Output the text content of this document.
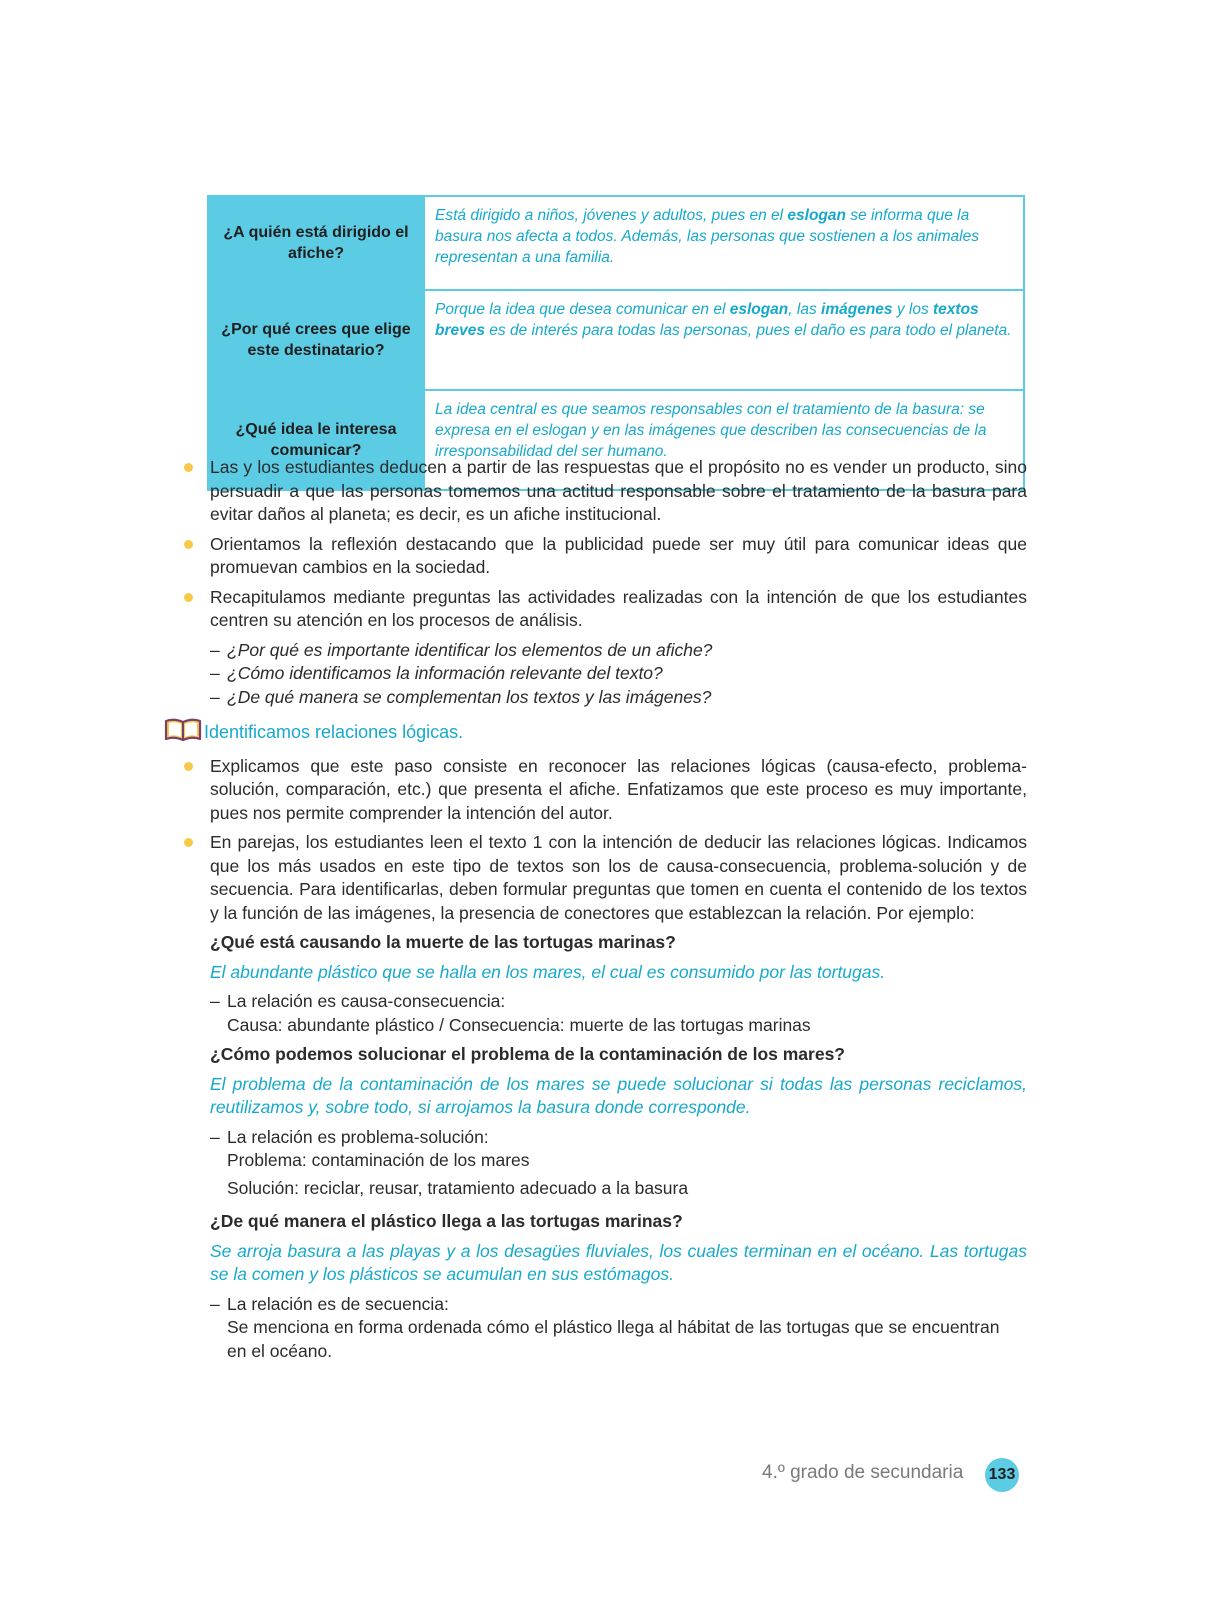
¿A quién está dirigido el afiche?	Está dirigido a niños, jóvenes y adultos, pues en el eslogan se informa que la basura nos afecta a todos. Además, las personas que sostienen a los animales representan a una familia.
¿Por qué crees que elige este destinatario?	Porque la idea que desea comunicar en el eslogan, las imágenes y los textos breves es de interés para todas las personas, pues el daño es para todo el planeta.
¿Qué idea le interesa comunicar?	La idea central es que seamos responsables con el tratamiento de la basura: se expresa en el eslogan y en las imágenes que describen las consecuencias de la irresponsabilidad del ser humano.
Las y los estudiantes deducen a partir de las respuestas que el propósito no es vender un producto, sino persuadir a que las personas tomemos una actitud responsable sobre el tratamiento de la basura para evitar daños al planeta; es decir, es un afiche institucional.
Orientamos la reflexión destacando que la publicidad puede ser muy útil para comunicar ideas que promuevan cambios en la sociedad.
Recapitulamos mediante preguntas las actividades realizadas con la intención de que los estudiantes centren su atención en los procesos de análisis.
– ¿Por qué es importante identificar los elementos de un afiche?
– ¿Cómo identificamos la información relevante del texto?
– ¿De qué manera se complementan los textos y las imágenes?
Identificamos relaciones lógicas.
Explicamos que este paso consiste en reconocer las relaciones lógicas (causa-efecto, problema-solución, comparación, etc.) que presenta el afiche. Enfatizamos que este proceso es muy importante, pues nos permite comprender la intención del autor.
En parejas, los estudiantes leen el texto 1 con la intención de deducir las relaciones lógicas. Indicamos que los más usados en este tipo de textos son los de causa-consecuencia, problema-solución y de secuencia. Para identificarlas, deben formular preguntas que tomen en cuenta el contenido de los textos y la función de las imágenes, la presencia de conectores que establezcan la relación. Por ejemplo:
¿Qué está causando la muerte de las tortugas marinas?
El abundante plástico que se halla en los mares, el cual es consumido por las tortugas.
– La relación es causa-consecuencia:
Causa: abundante plástico / Consecuencia: muerte de las tortugas marinas
¿Cómo podemos solucionar el problema de la contaminación de los mares?
El problema de la contaminación de los mares se puede solucionar si todas las personas reciclamos, reutilizamos y, sobre todo, si arrojamos la basura donde corresponde.
– La relación es problema-solución:
Problema: contaminación de los mares
Solución: reciclar, reusar, tratamiento adecuado a la basura
¿De qué manera el plástico llega a las tortugas marinas?
Se arroja basura a las playas y a los desagües fluviales, los cuales terminan en el océano. Las tortugas se la comen y los plásticos se acumulan en sus estómagos.
– La relación es de secuencia:
Se menciona en forma ordenada cómo el plástico llega al hábitat de las tortugas que se encuentran en el océano.
4.º grado de secundaria 133
